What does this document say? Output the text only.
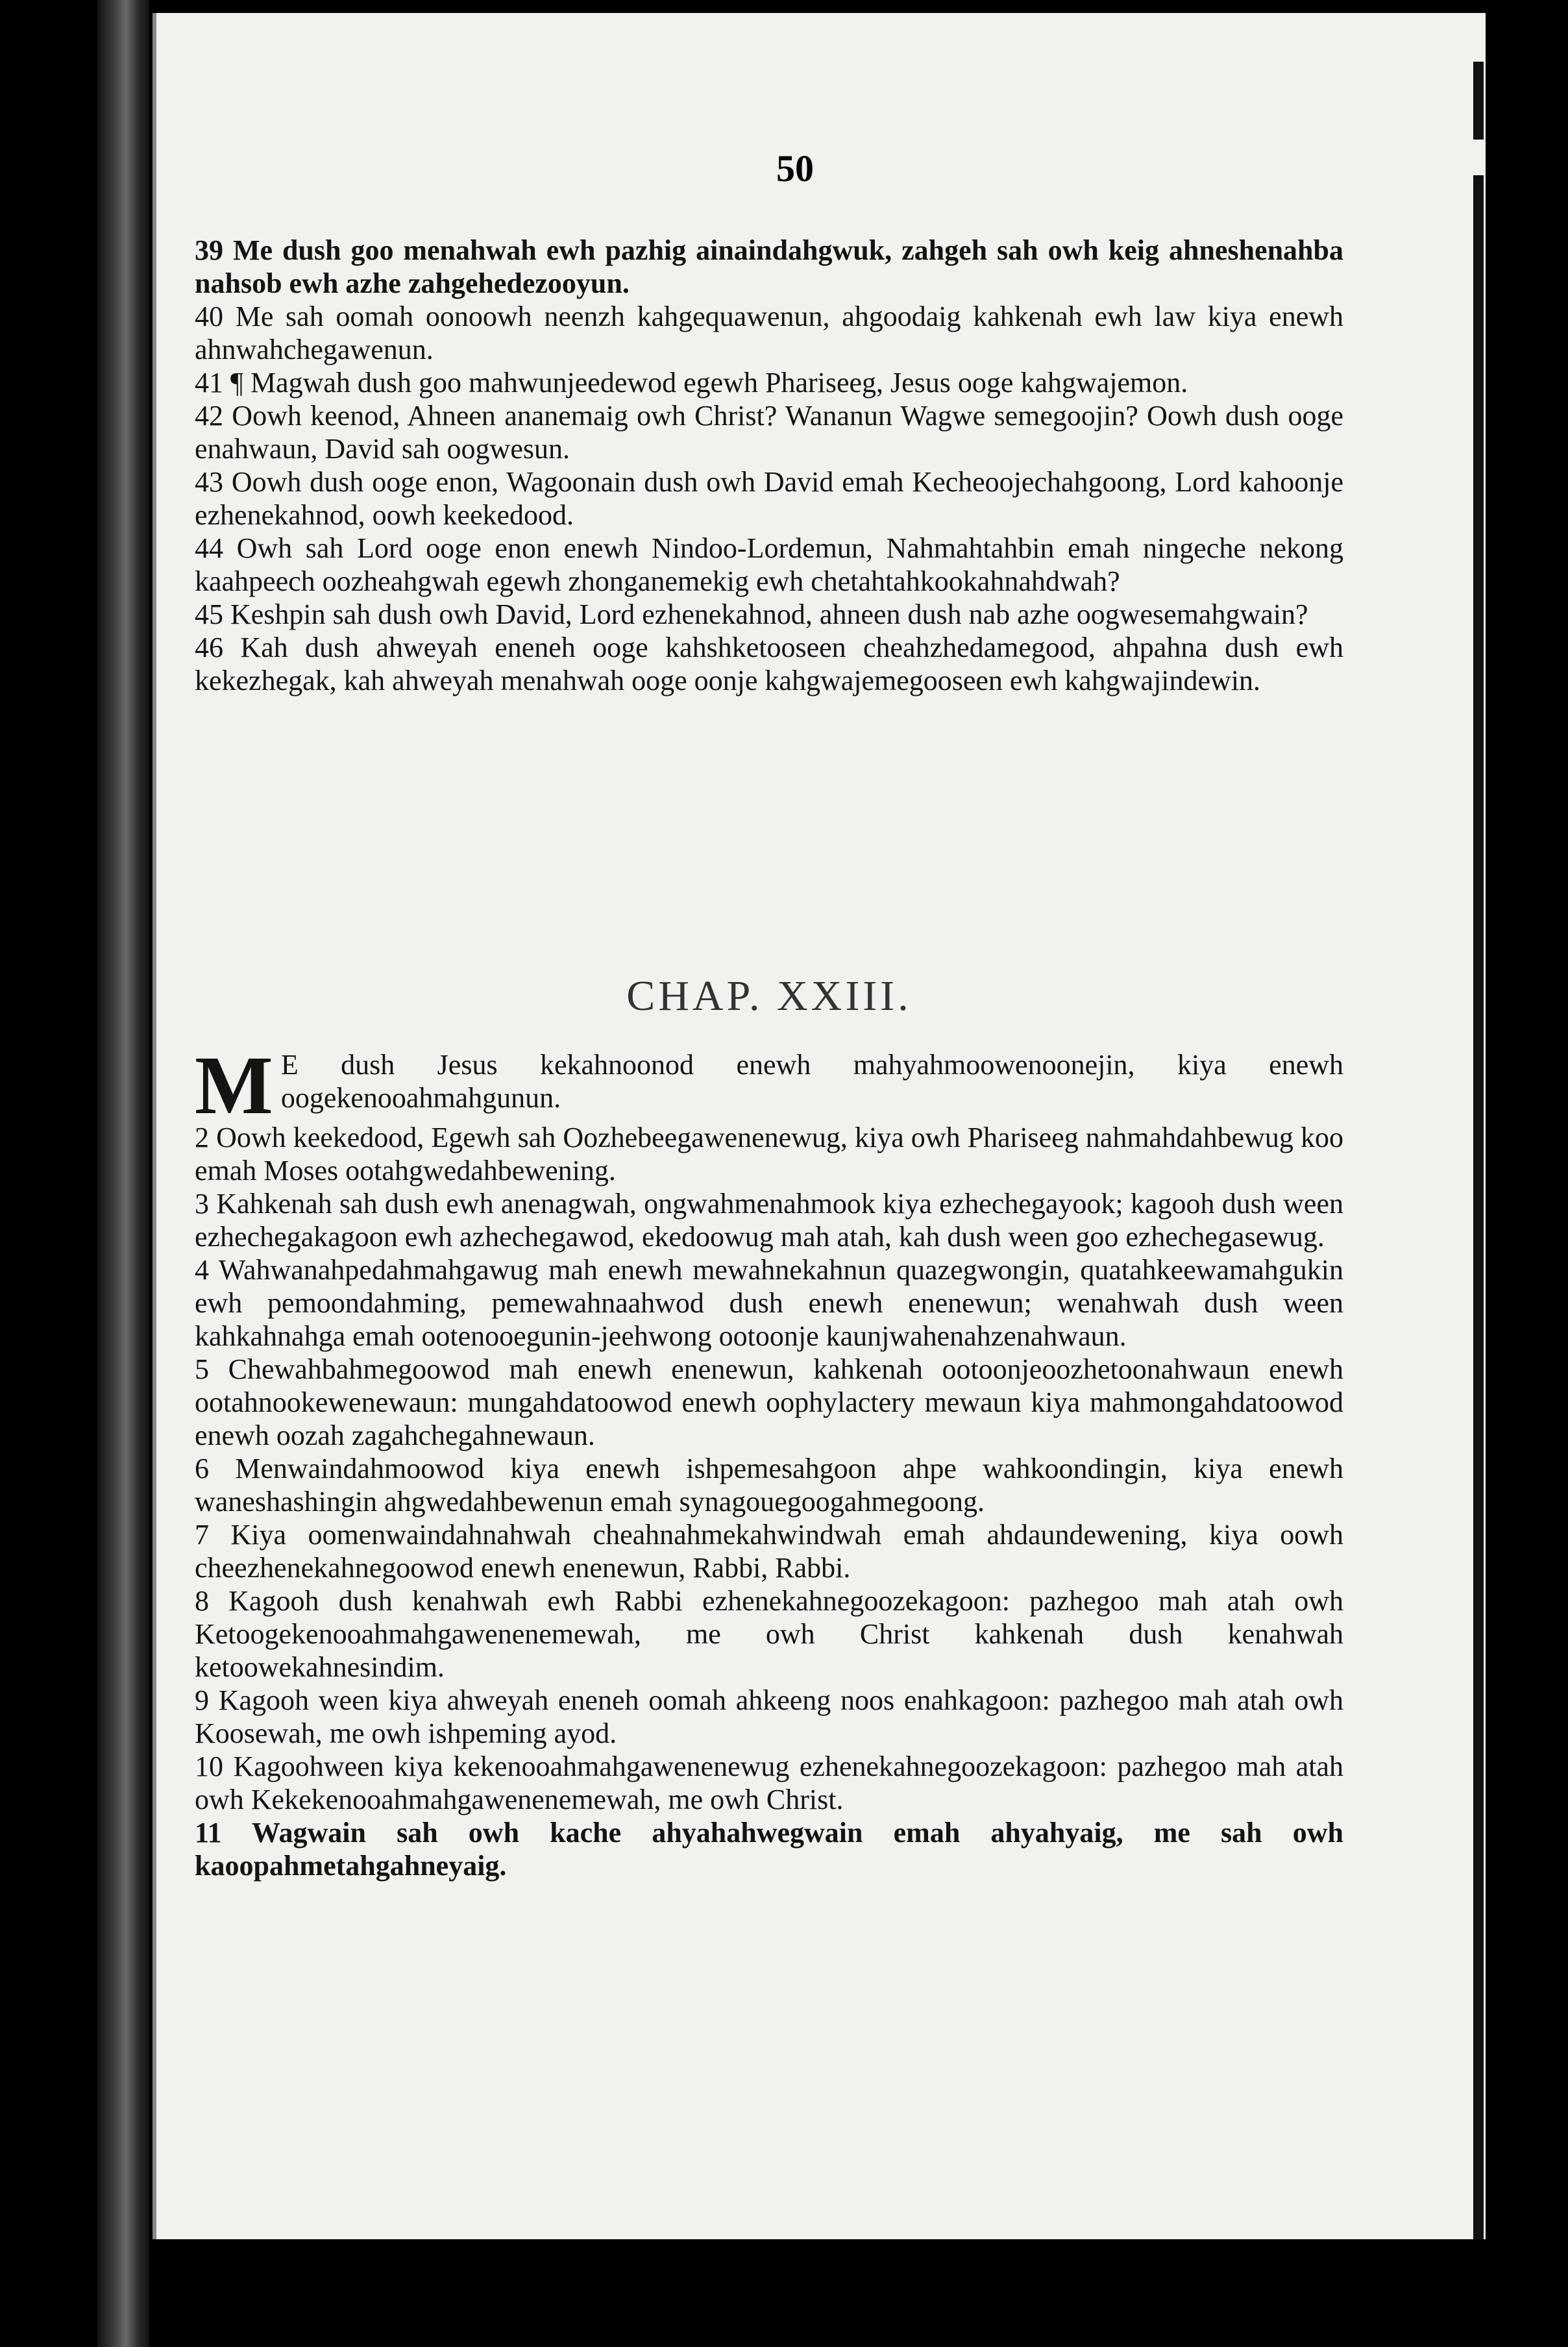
50

39 Me dush goo menahwah ewh pazhig ainaindahgwuk, zahgeh sah owh keig ahneshenahba nahsob ewh azhe zahgehedezooyun.

40 Me sah oomah oonoowh neenzh kahgequawenun, ahgoodaig kahkenah ewh law kiya enewh ahnwahchegawenun.

41 ¶ Magwah dush goo mahwunjeedewod egewh Phariseeg, Jesus ooge kahgwajemon.

42 Oowh keenod, Ahneen ananemaig owh Christ? Wananun Wagwe semegoojin? Oowh dush ooge enahwaun, David sah oogwesun.

43 Oowh dush ooge enon, Wagoonain dush owh David emah Kecheoojechahgoong, Lord kahoonje ezhenekahnod, oowh keekedood.

44 Owh sah Lord ooge enon enewh Nindoo-Lordemun, Nahmahtahbin emah ningeche nekong kaahpeech oozheahgwah egewh zhonganemekig ewh chetahtahkookahnahdwah?

45 Keshpin sah dush owh David, Lord ezhenekahnod, ahneen dush nab azhe oogwesemahgwain?

46 Kah dush ahweyah eneneh ooge kahshketooseen cheahzhedamegood, ahpahna dush ewh kekezhegak, kah ahweyah menahwah ooge oonje kahgwajemegooseen ewh kahgwajindewin.

CHAP. XXIII.

M E dush Jesus kekahnoonod enewh mahyahmoowenoonejin, kiya enewh oogekenooahmahgunun.

2 Oowh keekedood, Egewh sah Oozhebeegawenenewug, kiya owh Phariseeg nahmahdahbewug koo emah Moses ootahgwedahbewening.

3 Kahkenah sah dush ewh anenagwah, ongwahmenahmook kiya ezhechegayook; kagooh dush ween ezhechegakagoon ewh azhechegawod, ekedoowug mah atah, kah dush ween goo ezhechegasewug.

4 Wahwanahpedahmahgawug mah enewh mewahnekahnun quazegwongin, quatahkeewamahgukin ewh pemoondahming, pemewahnaahwod dush enewh enenewun; wenahwah dush ween kahkahnahga emah ootenooegunin-jeehwong ootoonje kaunjwahenahzenahwaun.

5 Chewahbahmegoowod mah enewh enenewun, kahkenah ootoonjeoozhetoonahwaun enewh ootahnookewenewaun: mungahdatoowod enewh oophylactery mewaun kiya mahmongahdatoowod enewh oozah zagahchegahnewaun.

6 Menwaindahmoowod kiya enewh ishpemesahgoon ahpe wahkoondingin, kiya enewh waneshashingin ahgwedahbewenun emah synagouegoogahmegoong.

7 Kiya oomenwaindahnahwah cheahnahmekahwindwah emah ahdaundewening, kiya oowh cheezhenekahnegoowod enewh enenewun, Rabbi, Rabbi.

8 Kagooh dush kenahwah ewh Rabbi ezhenekahnegoozekagoon: pazhegoo mah atah owh Ketoogekenooahmahgawenenemewah, me owh Christ kahkenah dush kenahwah ketoowekahnesindim.

9 Kagooh ween kiya ahweyah eneneh oomah ahkeeng noos enahkagoon: pazhegoo mah atah owh Koosewah, me owh ishpeming ayod.

10 Kagoohween kiya kekenooahmahgawenenewug ezhenekahnegoozekagoon: pazhegoo mah atah owh Kekekenooahmahgawenenemewah, me owh Christ.

11 Wagwain sah owh kache ahyahahwegwain emah ahyahyaig, me sah owh kaoopahmetahgahneyaig.
